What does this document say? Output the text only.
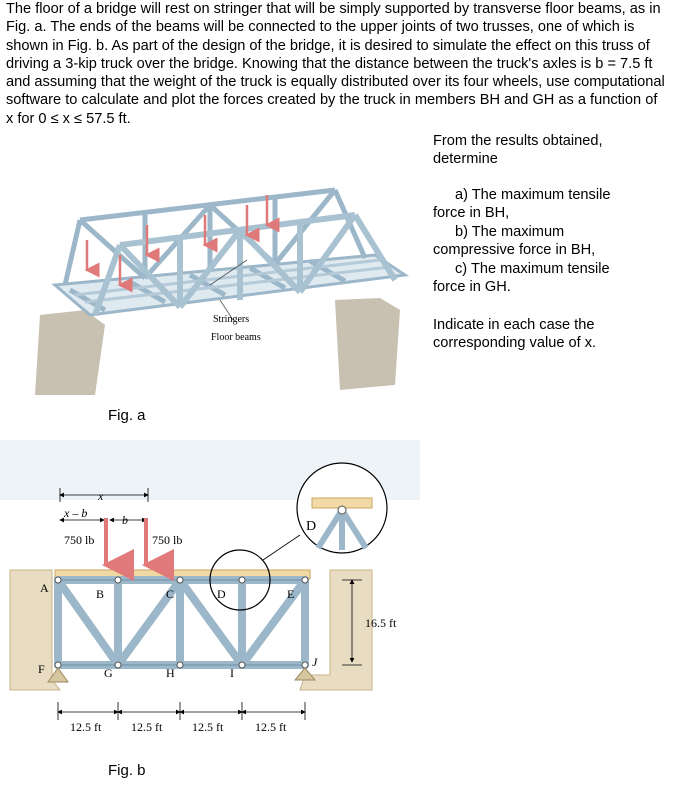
The floor of a bridge will rest on stringer that will be simply supported by transverse floor beams, as in Fig. a. The ends of the beams will be connected to the upper joints of two trusses, one of which is shown in Fig. b. As part of the design of the bridge, it is desired to simulate the effect on this truss of driving a 3-kip truck over the bridge. Knowing that the distance between the truck's axles is b = 7.5 ft and assuming that the weight of the truck is equally distributed over its four wheels, use computational software to calculate and plot the forces created by the truck in members BH and GH as a function of x for 0 ≤ x ≤ 57.5 ft.

From the results obtained, determine
a) The maximum tensile force in BH,
b) The maximum compressive force in BH,
c) The maximum tensile force in GH.
Indicate in each case the corresponding value of x.
Stringers
Floor beams
Fig. a
A	B	C	D	E
F	G	H	I
J
x
x – b	b
750 lb	750 lb
D
16.5 ft
12.5 ft 12.5 ft 12.5 ft	12.5 ft
Fig. b
